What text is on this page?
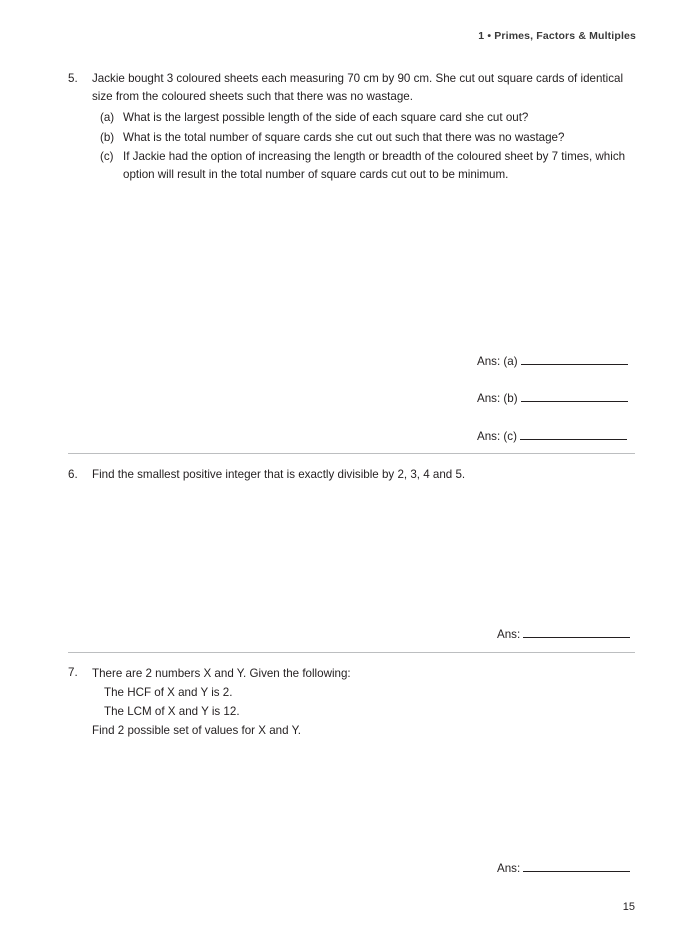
1 • Primes, Factors & Multiples
5.	Jackie bought 3 coloured sheets each measuring 70 cm by 90 cm. She cut out square cards of identical size from the coloured sheets such that there was no wastage.

(a) What is the largest possible length of the side of each square card she cut out?
(b) What is the total number of square cards she cut out such that there was no wastage?
(c) If Jackie had the option of increasing the length or breadth of the coloured sheet by 7 times, which option will result in the total number of square cards cut out to be minimum.
Ans: (a)
Ans: (b)
Ans: (c)
6.	Find the smallest positive integer that is exactly divisible by 2, 3, 4 and 5.

Ans:
7.	There are 2 numbers X and Y. Given the following:

The HCF of X and Y is 2.

The LCM of X and Y is 12.

Find 2 possible set of values for X and Y.

Ans:
15
